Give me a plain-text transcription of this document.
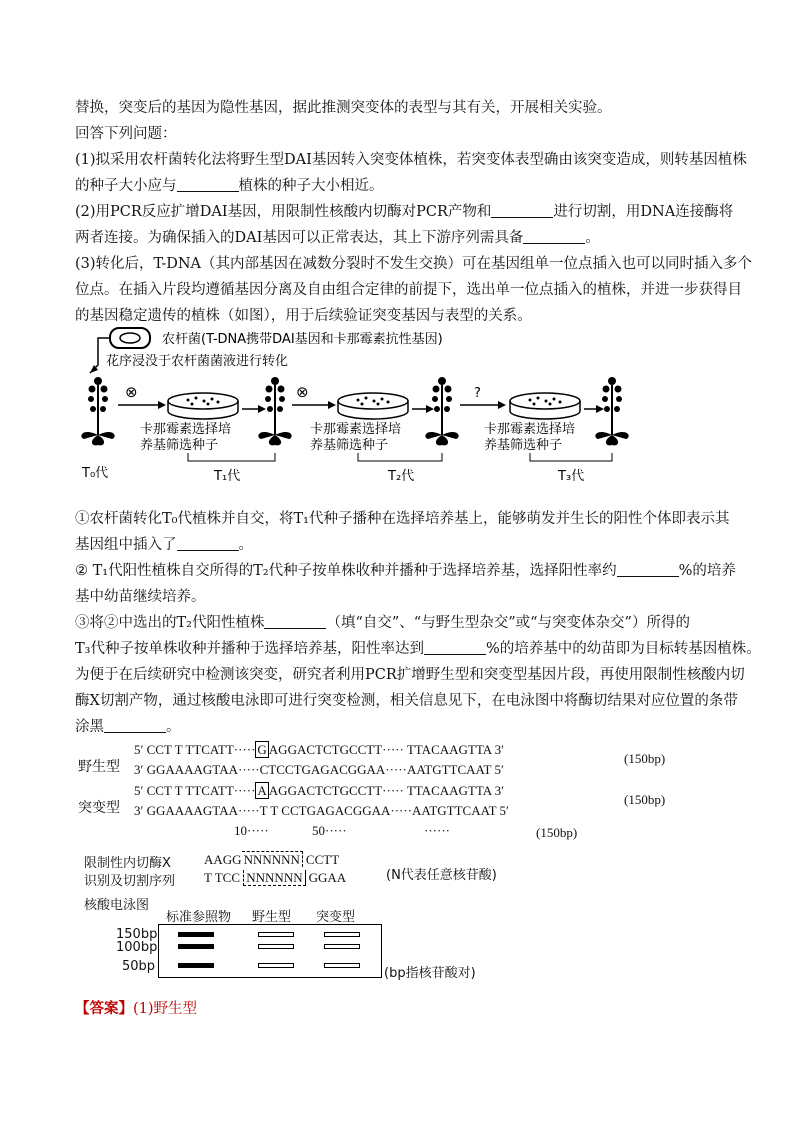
替换，突变后的基因为隐性基因，据此推测突变体的表型与其有关，开展相关实验。
回答下列问题：
(1)拟采用农杆菌转化法将野生型DAI基因转入突变体植株，若突变体表型确由该突变造成，则转基因植株
的种子大小应与	植株的种子大小相近。
(2)用PCR反应扩增DAI基因，用限制性核酸内切酶对PCR产物和	进行切割，用DNA连接酶将
两者连接。为确保插入的DAI基因可以正常表达，其上下游序列需具备	。
(3)转化后，T-DNA（其内部基因在减数分裂时不发生交换）可在基因组单一位点插入也可以同时插入多个
位点。在插入片段均遵循基因分离及自由组合定律的前提下，选出单一位点插入的植株，并进一步获得目
的基因稳定遗传的植株（如图），用于后续验证突变基因与表型的关系。
农杆菌(T-DNA携带DAI基因和卡那霉素抗性基因)
花序浸没于农杆菌菌液进行转化
⊗
卡那霉素选择培
养基筛选种子
⊗
卡那霉素选择培
养基筛选种子
?
卡那霉素选择培
养基筛选种子
T₀代	T₁代	T₂代	T₃代
①农杆菌转化T₀代植株并自交，将T₁代种子播种在选择培养基上，能够萌发并生长的阳性个体即表示其
基因组中插入了	。
② T₁代阳性植株自交所得的T₂代种子按单株收种并播种于选择培养基，选择阳性率约	%的培养
基中幼苗继续培养。
③将②中选出的T₂代阳性植株	（填“自交”、“与野生型杂交”或“与突变体杂交”）所得的
T₃代种子按单株收种并播种于选择培养基，阳性率达到	%的培养基中的幼苗即为目标转基因植株。
为便于在后续研究中检测该突变，研究者利用PCR扩增野生型和突变型基因片段，再使用限制性核酸内切
酶X切割产物，通过核酸电泳即可进行突变检测，相关信息见下，在电泳图中将酶切结果对应位置的条带
涂黑	。
野生型
5′ CCT T TTCATT····· G AGGACTCTGCCTT····· TTACAAGTTA 3′
3′ GGAAAAGTAA·····CTCCTGAGACGGAA·····AATGTTCAAT 5′
(150bp)
突变型
5′ CCT T TTCATT····· A AGGACTCTGCCTT····· TTACAAGTTA 3′
3′ GGAAAAGTAA·····T T CCTGAGACGGAA·····AATGTTCAAT 5′
(150bp)
10·····	50·····	······	(150bp)
限制性内切酶X
识别及切割序列
AAGG NNNNNN CCTT
T TCC NNNNNN GGAA	(N代表任意核苷酸)
核酸电泳图
标准参照物 野生型 突变型
150bp
100bp
50bp	(bp指核苷酸对)
【答案】(1)野生型
